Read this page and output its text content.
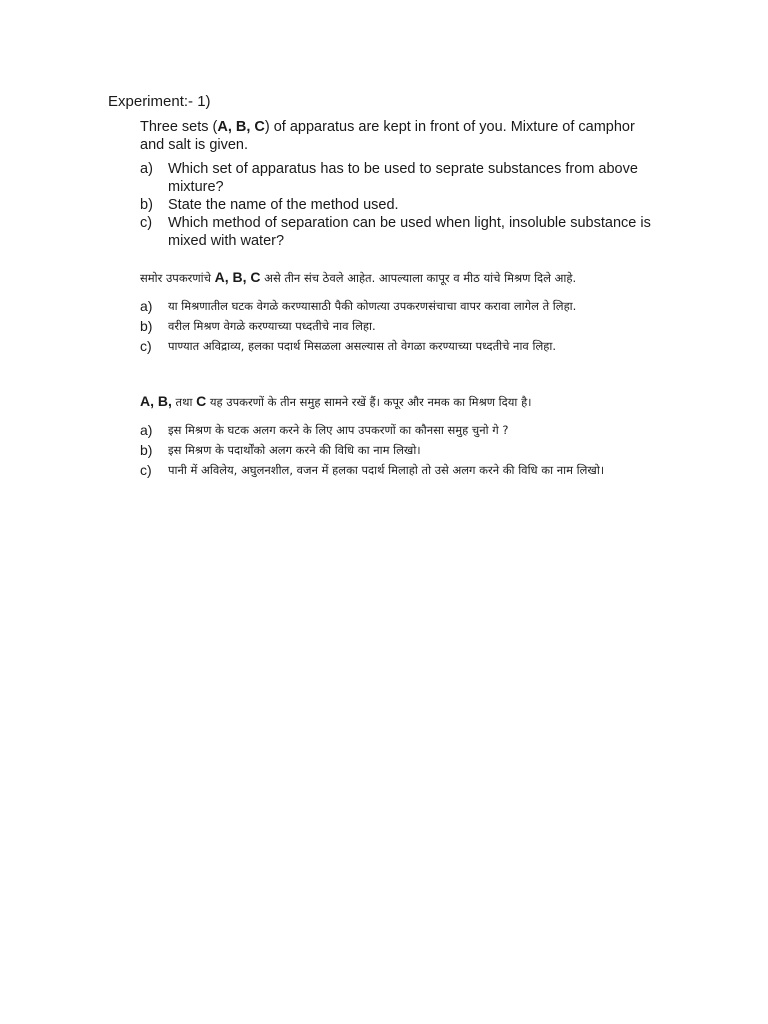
Experiment:- 1)

Three sets (A, B, C) of apparatus are kept in front of you. Mixture of camphor and salt is given.

a)	Which set of apparatus has to be used to seprate substances from above mixture?
b)	State the name of the method used.
c)	Which method of separation can be used when light, insoluble substance is mixed with water?

समोर उपकरणांचे A, B, C असे तीन संच ठेवले आहेत. आपल्याला कापूर व मीठ यांचे मिश्रण दिले आहे.

a)	या मिश्रणातील घटक वेगळे करण्यासाठी पैकी कोणत्या उपकरणसंचाचा वापर करावा लागेल ते लिहा.
b)	वरील मिश्रण वेगळे करण्याच्या पध्दतीचे नाव लिहा.
c)	पाण्यात अविद्राव्य, हलका पदार्थ मिसळला असल्यास तो वेगळा करण्याच्या पध्दतीचे नाव लिहा.

A, B, तथा C यह उपकरणों के तीन समुह सामने रखें हैं। कपूर और नमक का मिश्रण दिया है।

a)	इस मिश्रण के घटक अलग करने के लिए आप उपकरणों का कौनसा समुह चुनो गे ?
b)	इस मिश्रण के पदार्थोंको अलग करने की विधि का नाम लिखो।
c)	पानी में अविलेय, अघुलनशील, वजन में हलका पदार्थ मिलाहो तो उसे अलग करने की विधि का नाम लिखो।
